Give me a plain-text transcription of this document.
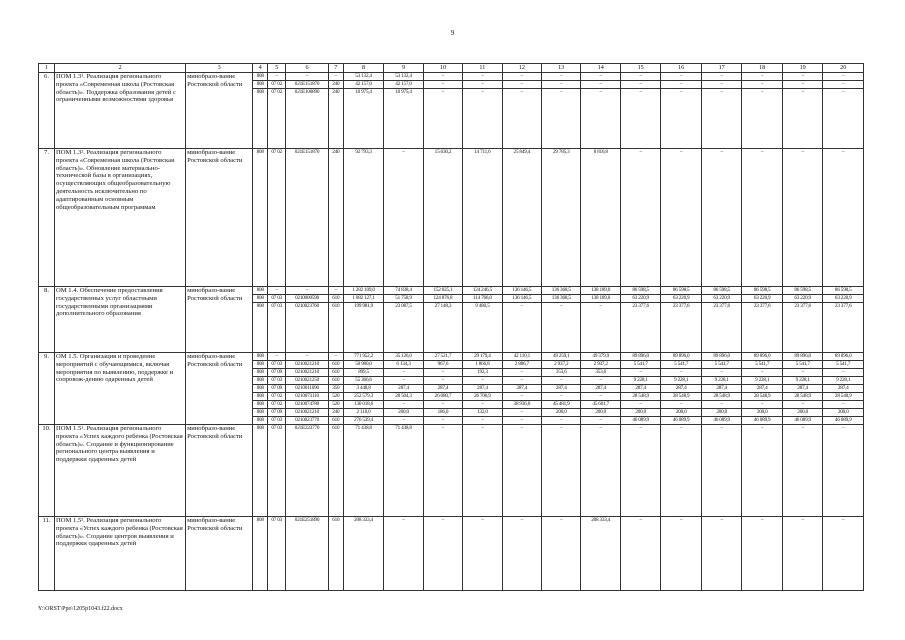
9
1	2	3	4	5	6	7	8	9	10	11	12	13	14	15	16	17	18	19	20
6.	ПОМ 1.3¹. Реализация регионального проекта «Современная школа (Ростовская область)». Поддержка образования детей с ограниченными возможностями здоровья	минобразо-вание Ростовской области	808	–	–	–	53 132,4	53 132,4	–	–	–	–	–	–	–	–	–	–	–
			808	07 02	021E151870	240	42 157,0	42 157,0	–	–	–	–	–	–	–	–	–	–	–
			808	07 02	021E100890	240	10 975,4	10 975,4	–	–	–	–	–	–	–	–	–	–	–
7.	ПОМ 1.3². Реализация регионального проекта «Современная школа (Ростовская область)». Обновление материально-технической базы в организациях, осуществляющих общеобразовательную деятельность исключительно по адаптированным основным общеобразовательным программам	минобразо-вание Ростовской области	808	07 02	021E151870	240	92 793,3	–	15 630,2	14 711,6	25 849,4	29 785,3	8 816,8	–	–	–	–	–	–
8.	ОМ 1.4. Обеспечение предоставления государственных услуг областными государственными организациями дополнительного образования	минобразо-вание Ростовской области	808	–	–	–	1 282 109,0	74 838,4	152 025,1	124 246,5	136 146,5	136 368,5	138 189,0	86 598,5	86 598,5	86 598,5	86 598,5	86 598,5	86 598,5
			808	07 03	0210000590	610	1 082 127,1	51 758,9	124 876,8	114 766,0	136 146,5	136 368,5	138 189,0	63 220,9	63 220,9	63 220,9	63 220,9	63 220,9	63 220,9
			808	07 03	0210023760	610	199 981,9	23 087,5	27 148,3	9 480,5	–	–	–	23 377,6	23 377,6	23 377,6	23 377,6	23 377,6	23 377,6
9.	ОМ 1.5. Организация и проведение мероприятий с обучающимися, включая мероприятия по выявлению, поддержке и сопровож-дению одаренных детей	минобразо-вание Ростовской области	808	–	–	–	771 952,2	35 126,0	27 521,7	29 179,4	42 110,1	49 259,1	49 379,9	89 896,0	89 896,0	89 896,0	89 896,0	89 896,0	89 896,0
			808	07 03	0210021210	610	50 980,0	6 134,3	967,6	1 866,8	2 886,7	2 937,2	2 937,2	5 541,7	5 541,7	5 541,7	5 541,7	5 541,7	5 541,7
			808	07 09	0210021210	610	899,5	–	–	192,3	–	353,6	353,6	–	–	–	–	–	–
			808	07 03	0210021250	610	55 366,6	–	–	–	–	–	–	9 228,1	9 228,1	9 228,1	9 228,1	9 228,1	9 228,1
			808	07 09	0210011090	350	3 448,8	287,4	287,4	287,4	287,4	287,4	287,4	287,4	287,4	287,4	287,4	287,4	287,4
			808	07 02	0210073110	520	252 579,3	28 504,3	26 080,7	26 700,9	–	–	–	28 548,9	28 548,9	28 548,9	28 548,9	28 548,9	28 548,9
			808	07 02	0210074780	520	130 018,6	–	–	–	38 936,0	45 481,9	45 601,7	–	–	–	–	–	–
			808	07 09	0210021210	240	2 118,0	200,0	186,0	132,0	–	200,0	200,0	200,0	200,0	200,0	200,0	200,0	200,0
			808	07 03	0210023770	610	276 539,4	–	–	–	–	–	–	46 089,9	46 089,9	46 089,9	46 089,9	46 089,9	46 089,9
10.	ПОМ 1.5¹. Реализация регионального проекта «Успех каждого ребенка (Ростовская область)». Создание и функционирование регионального центра выявления и поддержки одаренных детей	минобразо-вание Ростовской области	808	07 03	021E223770	610	71 438,8	71 438,8	–	–	–	–	–	–	–	–	–	–	–
11.	ПОМ 1.5². Реализация регионального проекта «Успех каждого ребенка (Ростовская область)». Создание центров выявления и поддержки одаренных детей	минобразо-вание Ростовской области	808	07 03	021E251890	610	208 333,4	–	–	–	–	–	208 333,4	–	–	–	–	–	–
Y:\ORST\Ppo\1205p1043.f22.docx
